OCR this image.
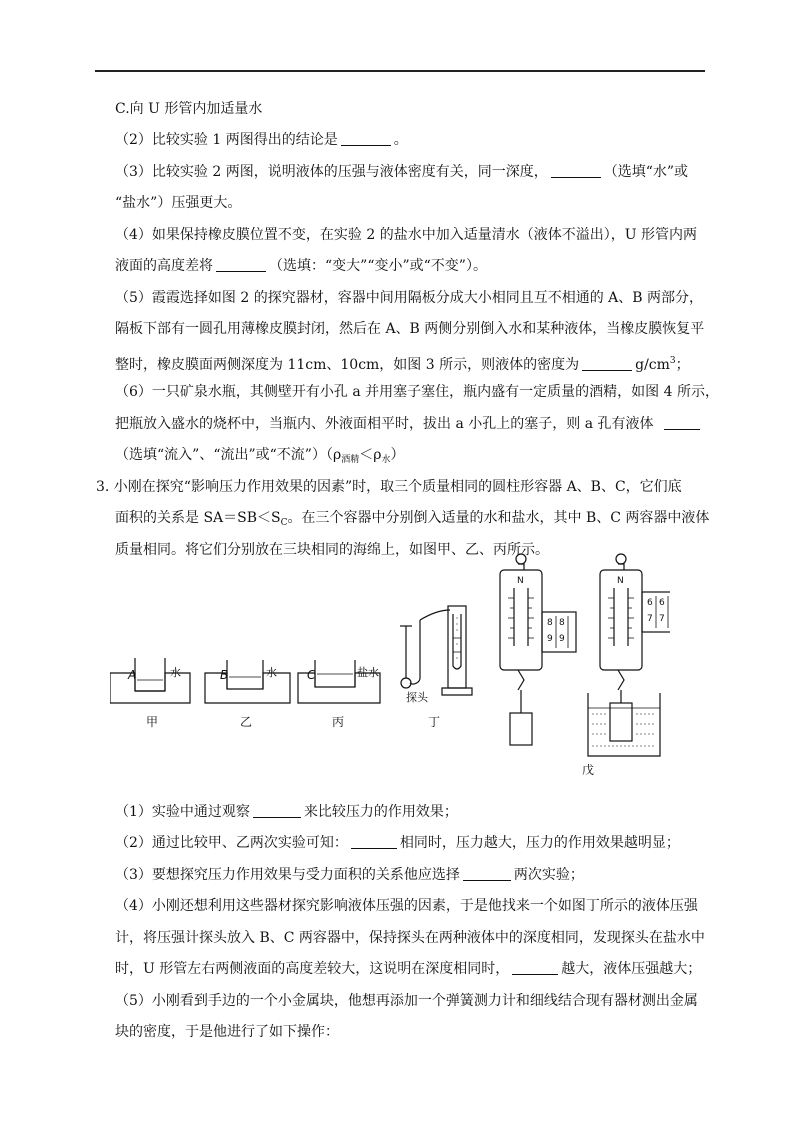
C.向 U 形管内加适量水
（2）比较实验 1 两图得出的结论是	。
（3）比较实验 2 两图，说明液体的压强与液体密度有关，同一深度，	（选填“水”或
“盐水”）压强更大。
（4）如果保持橡皮膜位置不变，在实验 2 的盐水中加入适量清水（液体不溢出），U 形管内两
液面的高度差将	（选填：“变大”“变小”或“不变”）。
（5）霞霞选择如图 2 的探究器材，容器中间用隔板分成大小相同且互不相通的 A、B 两部分，
隔板下部有一圆孔用薄橡皮膜封闭，然后在 A、B 两侧分别倒入水和某种液体，当橡皮膜恢复平
整时，橡皮膜面两侧深度为 11cm、10cm，如图 3 所示，则液体的密度为	$g/cm^3$；
（6）一只矿泉水瓶，其侧壁开有小孔 a 并用塞子塞住，瓶内盛有一定质量的酒精，如图 4 所示，
把瓶放入盛水的烧杯中，当瓶内、外液面相平时，拔出 a 小孔上的塞子，则 a 孔有液体
（选填“流入”、“流出”或“不流$”)(\rho_{酒精}<\rho_水)$
3. 小刚在探究“影响压力作用效果的因素”时，取三个质量相同的圆柱形容器 A、B、C，它们底
面积的关系是 $SA=SB<S_C$。在三个容器中分别倒入适量的水和盐水，其中 B、C 两容器中液体
质量相同。将它们分别放在三块相同的海绵上，如图甲、乙、丙所示。
甲	乙	丙	丁
戊
A	B	C
水	水	盐水
探头
N	N
8
9
8
9
6
7
6
7
（1）实验中通过观察	来比较压力的作用效果；
（2）通过比较甲、乙两次实验可知：	相同时，压力越大，压力的作用效果越明显；
（3）要想探究压力作用效果与受力面积的关系他应选择	两次实验；
（4）小刚还想利用这些器材探究影响液体压强的因素，于是他找来一个如图丁所示的液体压强
计，将压强计探头放入 B、C 两容器中，保持探头在两种液体中的深度相同，发现探头在盐水中
时，U 形管左右两侧液面的高度差较大，这说明在深度相同时，	越大，液体压强越大；
（5）小刚看到手边的一个小金属块，他想再添加一个弹簧测力计和细线结合现有器材测出金属
块的密度，于是他进行了如下操作：
